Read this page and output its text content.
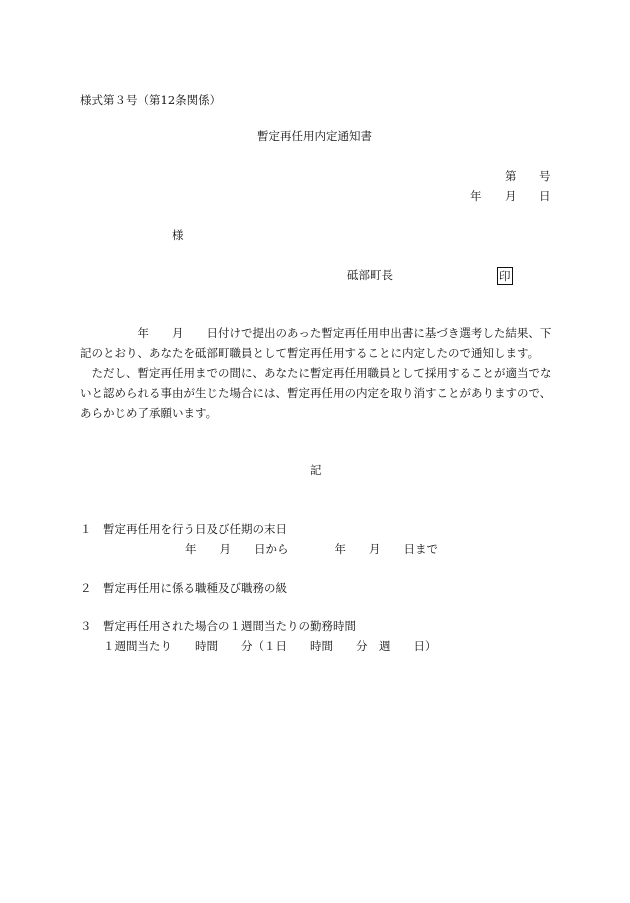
様式第３号（第12条関係）
暫定再任用内定通知書
第 号
年 月 日
様
砥部町長	印
　　　　　年　　月　　日付けで提出のあった暫定再任用申出書に基づき選考した結果、下
記のとおり、あなたを砥部町職員として暫定再任用することに内定したので通知します。
　ただし、暫定再任用までの間に、あなたに暫定再任用職員として採用することが適当でな
いと認められる事由が生じた場合には、暫定再任用の内定を取り消すことがありますので、
あらかじめ了承願います。
記
１ 暫定再任用を行う日及び任期の末日
年　　月　　日から　　　　年　　月　　日まで
２ 暫定再任用に係る職種及び職務の級
３ 暫定再任用された場合の１週間当たりの勤務時間
１週間当たり　　時間　　分（１日　　時間　　分　週　　日）
